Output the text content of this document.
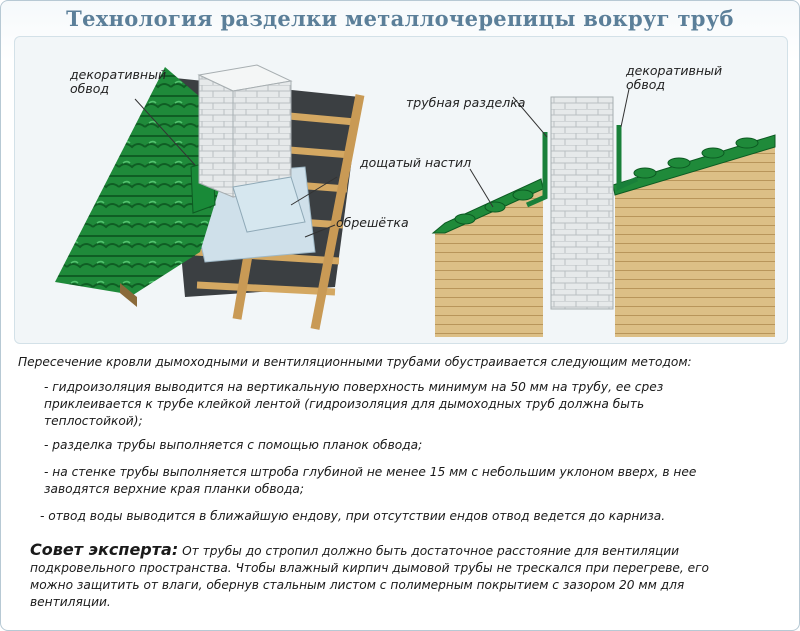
Технология разделки металлочерепицы вокруг труб
декоративный
обвод
трубная разделка
дощатый настил
обрешётка
декоративный
обвод
Пересечение кровли дымоходными и вентиляционными трубами обустраивается следующим методом:
- гидроизоляция выводится на вертикальную поверхность минимум на 50 мм на трубу, ее срез
приклеивается к трубе клейкой лентой (гидроизоляция для дымоходных труб должна быть
теплостойкой);
- разделка трубы выполняется с помощью планок обвода;
- на стенке трубы выполняется штроба глубиной не менее 15 мм с небольшим уклоном вверх, в нее
заводятся верхние края планки обвода;
- отвод воды выводится в ближайшую ендову, при отсутствии ендов отвод ведется до карниза.
Совет эксперта: От трубы до стропил должно быть достаточное расстояние для вентиляции
подкровельного пространства. Чтобы влажный кирпич дымовой трубы не трескался при перегреве, его
можно защитить от влаги, обернув стальным листом с полимерным покрытием с зазором 20 мм для
вентиляции.
